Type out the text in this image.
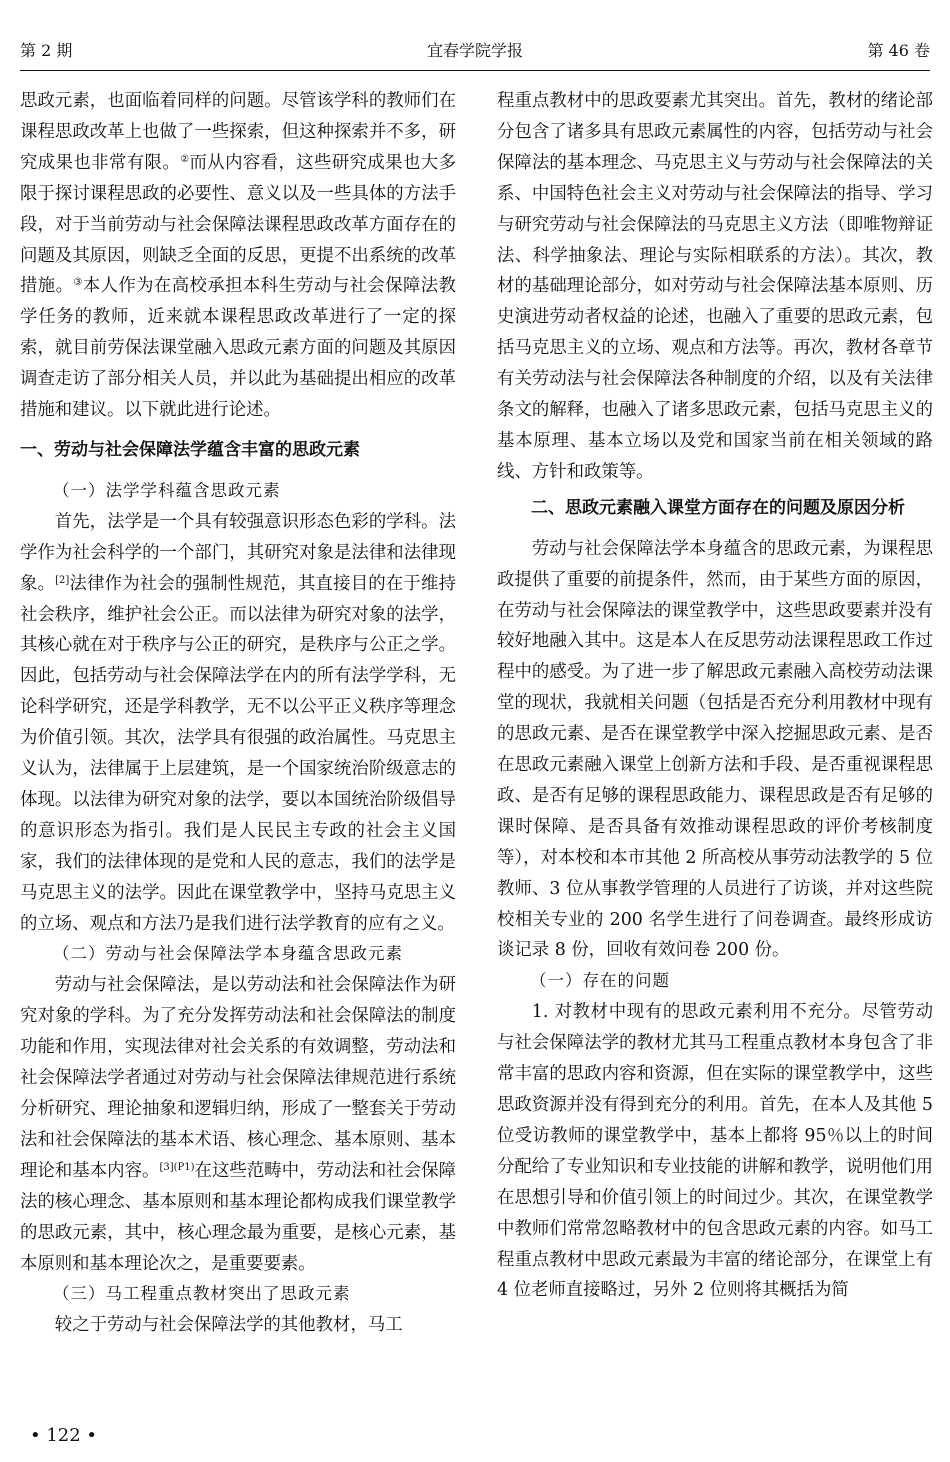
第 2 期	宜春学院学报	第 46 卷

思政元素，也面临着同样的问题。尽管该学科的教师们在课程思政改革上也做了一些探索，但这种探索并不多，研究成果也非常有限。②而从内容看，这些研究成果也大多限于探讨课程思政的必要性、意义以及一些具体的方法手段，对于当前劳动与社会保障法课程思政改革方面存在的问题及其原因，则缺乏全面的反思，更提不出系统的改革措施。③本人作为在高校承担本科生劳动与社会保障法教学任务的教师，近来就本课程思政改革进行了一定的探索，就目前劳保法课堂融入思政元素方面的问题及其原因调查走访了部分相关人员，并以此为基础提出相应的改革措施和建议。以下就此进行论述。

一、劳动与社会保障法学蕴含丰富的思政元素

（一）法学学科蕴含思政元素

首先，法学是一个具有较强意识形态色彩的学科。法学作为社会科学的一个部门，其研究对象是法律和法律现象。[2]法律作为社会的强制性规范，其直接目的在于维持社会秩序，维护社会公正。而以法律为研究对象的法学，其核心就在对于秩序与公正的研究，是秩序与公正之学。因此，包括劳动与社会保障法学在内的所有法学学科，无论科学研究，还是学科教学，无不以公平正义秩序等理念为价值引领。其次，法学具有很强的政治属性。马克思主义认为，法律属于上层建筑，是一个国家统治阶级意志的体现。以法律为研究对象的法学，要以本国统治阶级倡导的意识形态为指引。我们是人民民主专政的社会主义国家，我们的法律体现的是党和人民的意志，我们的法学是马克思主义的法学。因此在课堂教学中，坚持马克思主义的立场、观点和方法乃是我们进行法学教育的应有之义。

（二）劳动与社会保障法学本身蕴含思政元素

劳动与社会保障法，是以劳动法和社会保障法作为研究对象的学科。为了充分发挥劳动法和社会保障法的制度功能和作用，实现法律对社会关系的有效调整，劳动法和社会保障法学者通过对劳动与社会保障法律规范进行系统分析研究、理论抽象和逻辑归纳，形成了一整套关于劳动法和社会保障法的基本术语、核心理念、基本原则、基本理论和基本内容。$^{[3](P1)}$在这些范畴中，劳动法和社会保障法的核心理念、基本原则和基本理论都构成我们课堂教学的思政元素，其中，核心理念最为重要，是核心元素，基本原则和基本理论次之，是重要要素。

（三）马工程重点教材突出了思政元素

较之于劳动与社会保障法学的其他教材，马工

程重点教材中的思政要素尤其突出。首先，教材的绪论部分包含了诸多具有思政元素属性的内容，包括劳动与社会保障法的基本理念、马克思主义与劳动与社会保障法的关系、中国特色社会主义对劳动与社会保障法的指导、学习与研究劳动与社会保障法的马克思主义方法（即唯物辩证法、科学抽象法、理论与实际相联系的方法）。其次，教材的基础理论部分，如对劳动与社会保障法基本原则、历史演进劳动者权益的论述，也融入了重要的思政元素，包括马克思主义的立场、观点和方法等。再次，教材各章节有关劳动法与社会保障法各种制度的介绍，以及有关法律条文的解释，也融入了诸多思政元素，包括马克思主义的基本原理、基本立场以及党和国家当前在相关领域的路线、方针和政策等。

二、思政元素融入课堂方面存在的问题及原因分析

劳动与社会保障法学本身蕴含的思政元素，为课程思政提供了重要的前提条件，然而，由于某些方面的原因，在劳动与社会保障法的课堂教学中，这些思政要素并没有较好地融入其中。这是本人在反思劳动法课程思政工作过程中的感受。为了进一步了解思政元素融入高校劳动法课堂的现状，我就相关问题（包括是否充分利用教材中现有的思政元素、是否在课堂教学中深入挖掘思政元素、是否在思政元素融入课堂上创新方法和手段、是否重视课程思政、是否有足够的课程思政能力、课程思政是否有足够的课时保障、是否具备有效推动课程思政的评价考核制度等），对本校和本市其他 2 所高校从事劳动法教学的 5 位教师、3 位从事教学管理的人员进行了访谈，并对这些院校相关专业的 200 名学生进行了问卷调查。最终形成访谈记录 8 份，回收有效问卷 200 份。

（一）存在的问题

1. 对教材中现有的思政元素利用不充分。尽管劳动与社会保障法学的教材尤其马工程重点教材本身包含了非常丰富的思政内容和资源，但在实际的课堂教学中，这些思政资源并没有得到充分的利用。首先，在本人及其他 5 位受访教师的课堂教学中，基本上都将 95％以上的时间分配给了专业知识和专业技能的讲解和教学，说明他们用在思想引导和价值引领上的时间过少。其次，在课堂教学中教师们常常忽略教材中的包含思政元素的内容。如马工程重点教材中思政元素最为丰富的绪论部分，在课堂上有 4 位老师直接略过，另外 2 位则将其概括为简

• 122 •
